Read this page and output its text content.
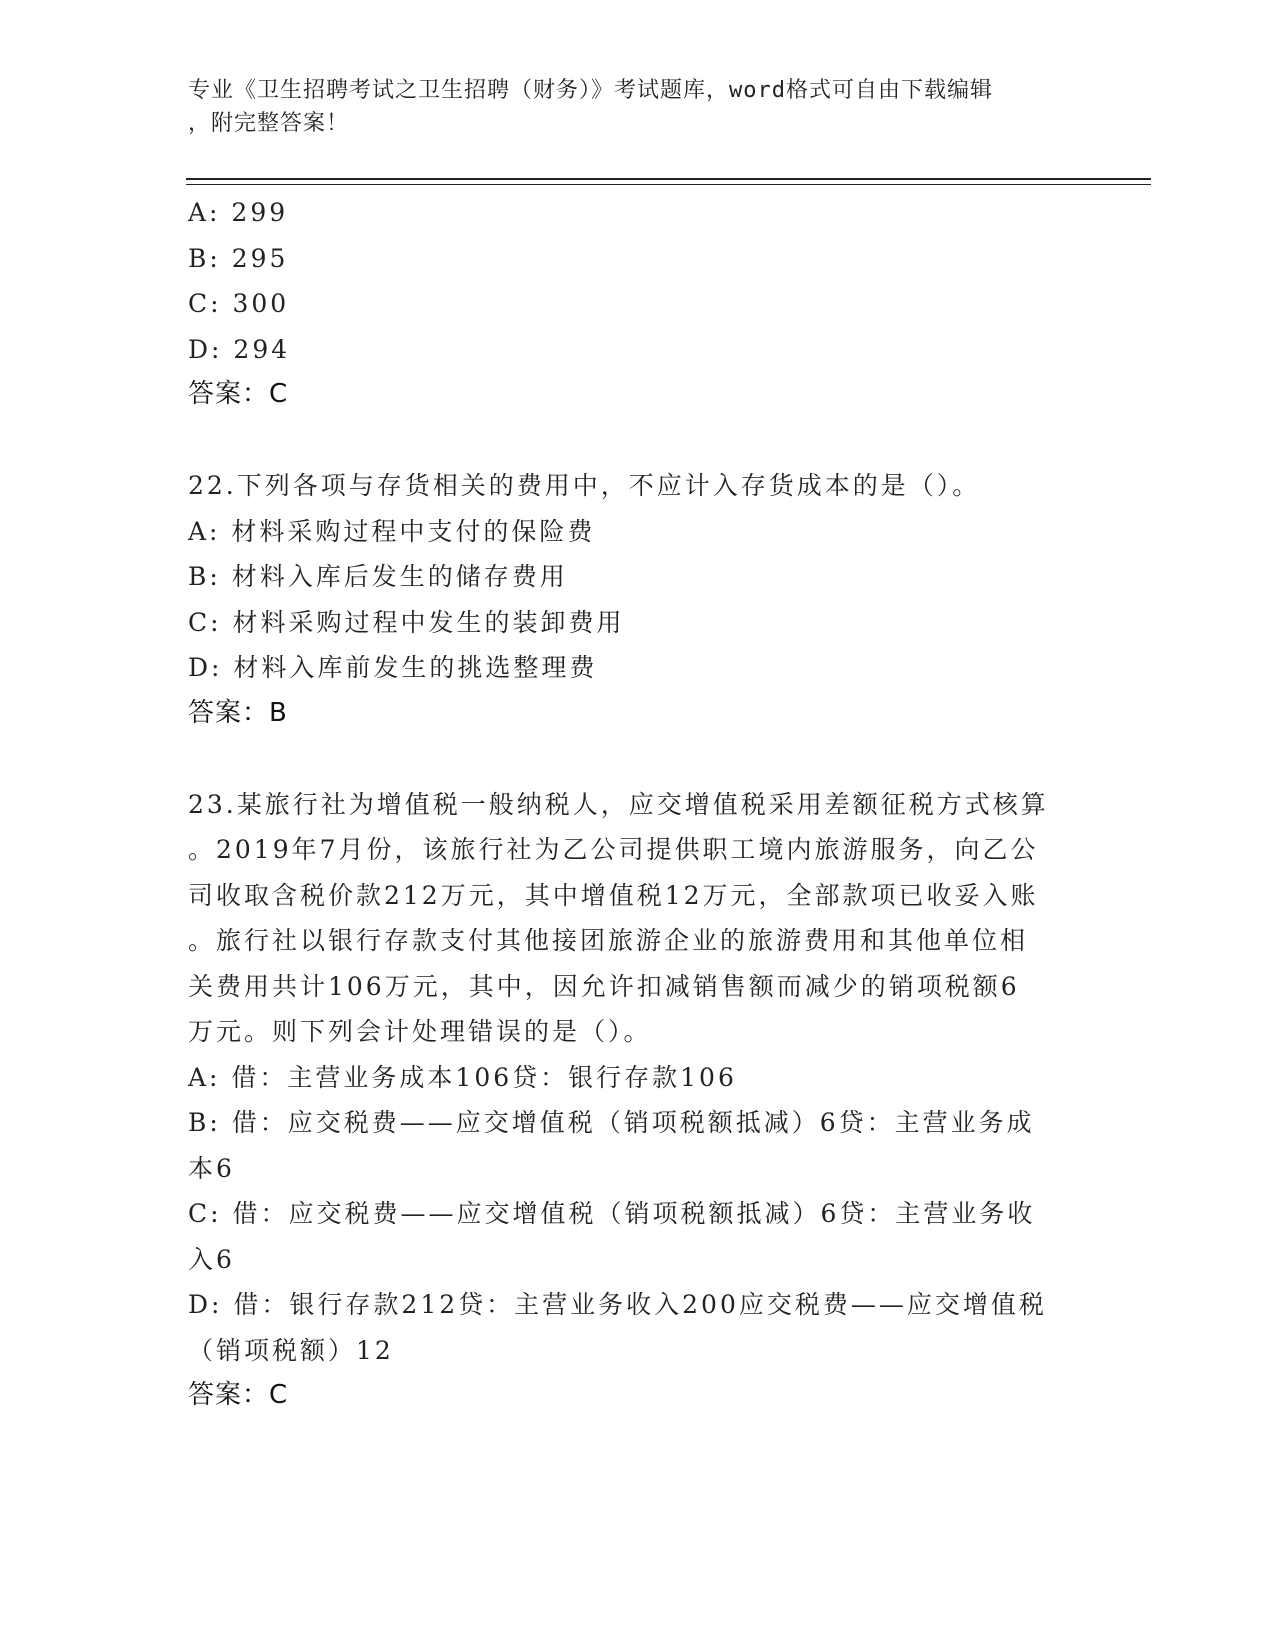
专业《卫生招聘考试之卫生招聘（财务）》考试题库，word格式可自由下载编辑
，附完整答案！
A: 299
B: 295
C: 300
D: 294
答案：C
22.下列各项与存货相关的费用中，不应计入存货成本的是（）。
A: 材料采购过程中支付的保险费
B: 材料入库后发生的储存费用
C: 材料采购过程中发生的装卸费用
D: 材料入库前发生的挑选整理费
答案：B
23.某旅行社为增值税一般纳税人，应交增值税采用差额征税方式核算
。2019年7月份，该旅行社为乙公司提供职工境内旅游服务，向乙公
司收取含税价款212万元，其中增值税12万元，全部款项已收妥入账
。旅行社以银行存款支付其他接团旅游企业的旅游费用和其他单位相
关费用共计106万元，其中，因允许扣减销售额而减少的销项税额6
万元。则下列会计处理错误的是（）。
A: 借：主营业务成本106贷：银行存款106
B: 借：应交税费——应交增值税（销项税额抵减）6贷：主营业务成
本6
C: 借：应交税费——应交增值税（销项税额抵减）6贷：主营业务收
入6
D: 借：银行存款212贷：主营业务收入200应交税费——应交增值税
（销项税额）12
答案：C
